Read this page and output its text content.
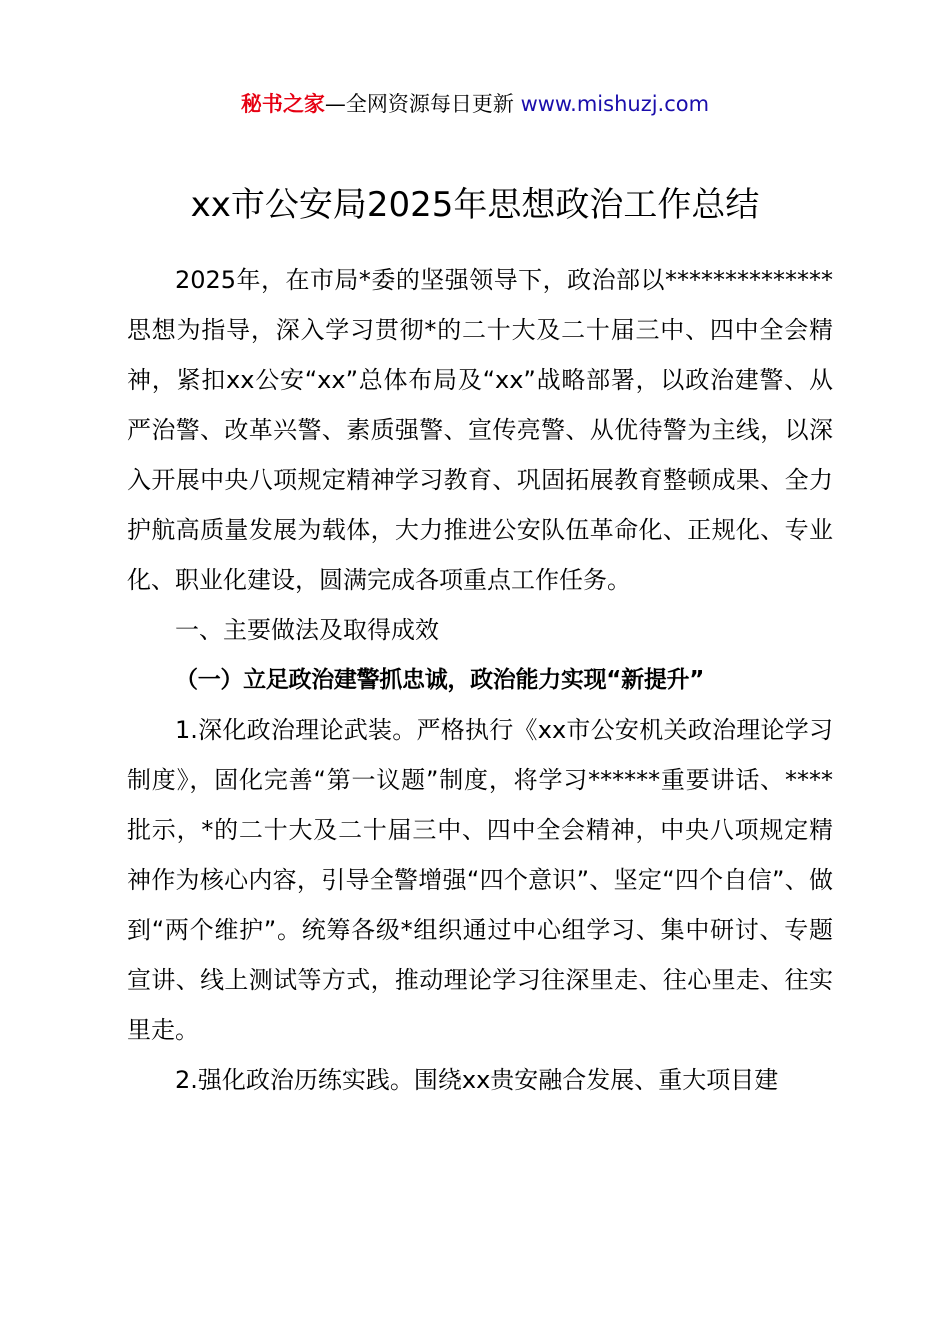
秘书之家—全网资源每日更新 www.mishuzj.com
xx市公安局2025年思想政治工作总结

2025年，在市局*委的坚强领导下，政治部以**************思想为指导，深入学习贯彻*的二十大及二十届三中、四中全会精神，紧扣xx公安“xx”总体布局及“xx”战略部署，以政治建警、从严治警、改革兴警、素质强警、宣传亮警、从优待警为主线，以深入开展中央八项规定精神学习教育、巩固拓展教育整顿成果、全力护航高质量发展为载体，大力推进公安队伍革命化、正规化、专业化、职业化建设，圆满完成各项重点工作任务。

一、主要做法及取得成效

（一）立足政治建警抓忠诚，政治能力实现“新提升”

1.深化政治理论武装。严格执行《xx市公安机关政治理论学习制度》，固化完善“第一议题”制度，将学习******重要讲话、****批示，*的二十大及二十届三中、四中全会精神，中央八项规定精神作为核心内容，引导全警增强“四个意识”、坚定“四个自信”、做到“两个维护”。统筹各级*组织通过中心组学习、集中研讨、专题宣讲、线上测试等方式，推动理论学习往深里走、往心里走、往实里走。

2.强化政治历练实践。围绕xx贵安融合发展、重大项目建
